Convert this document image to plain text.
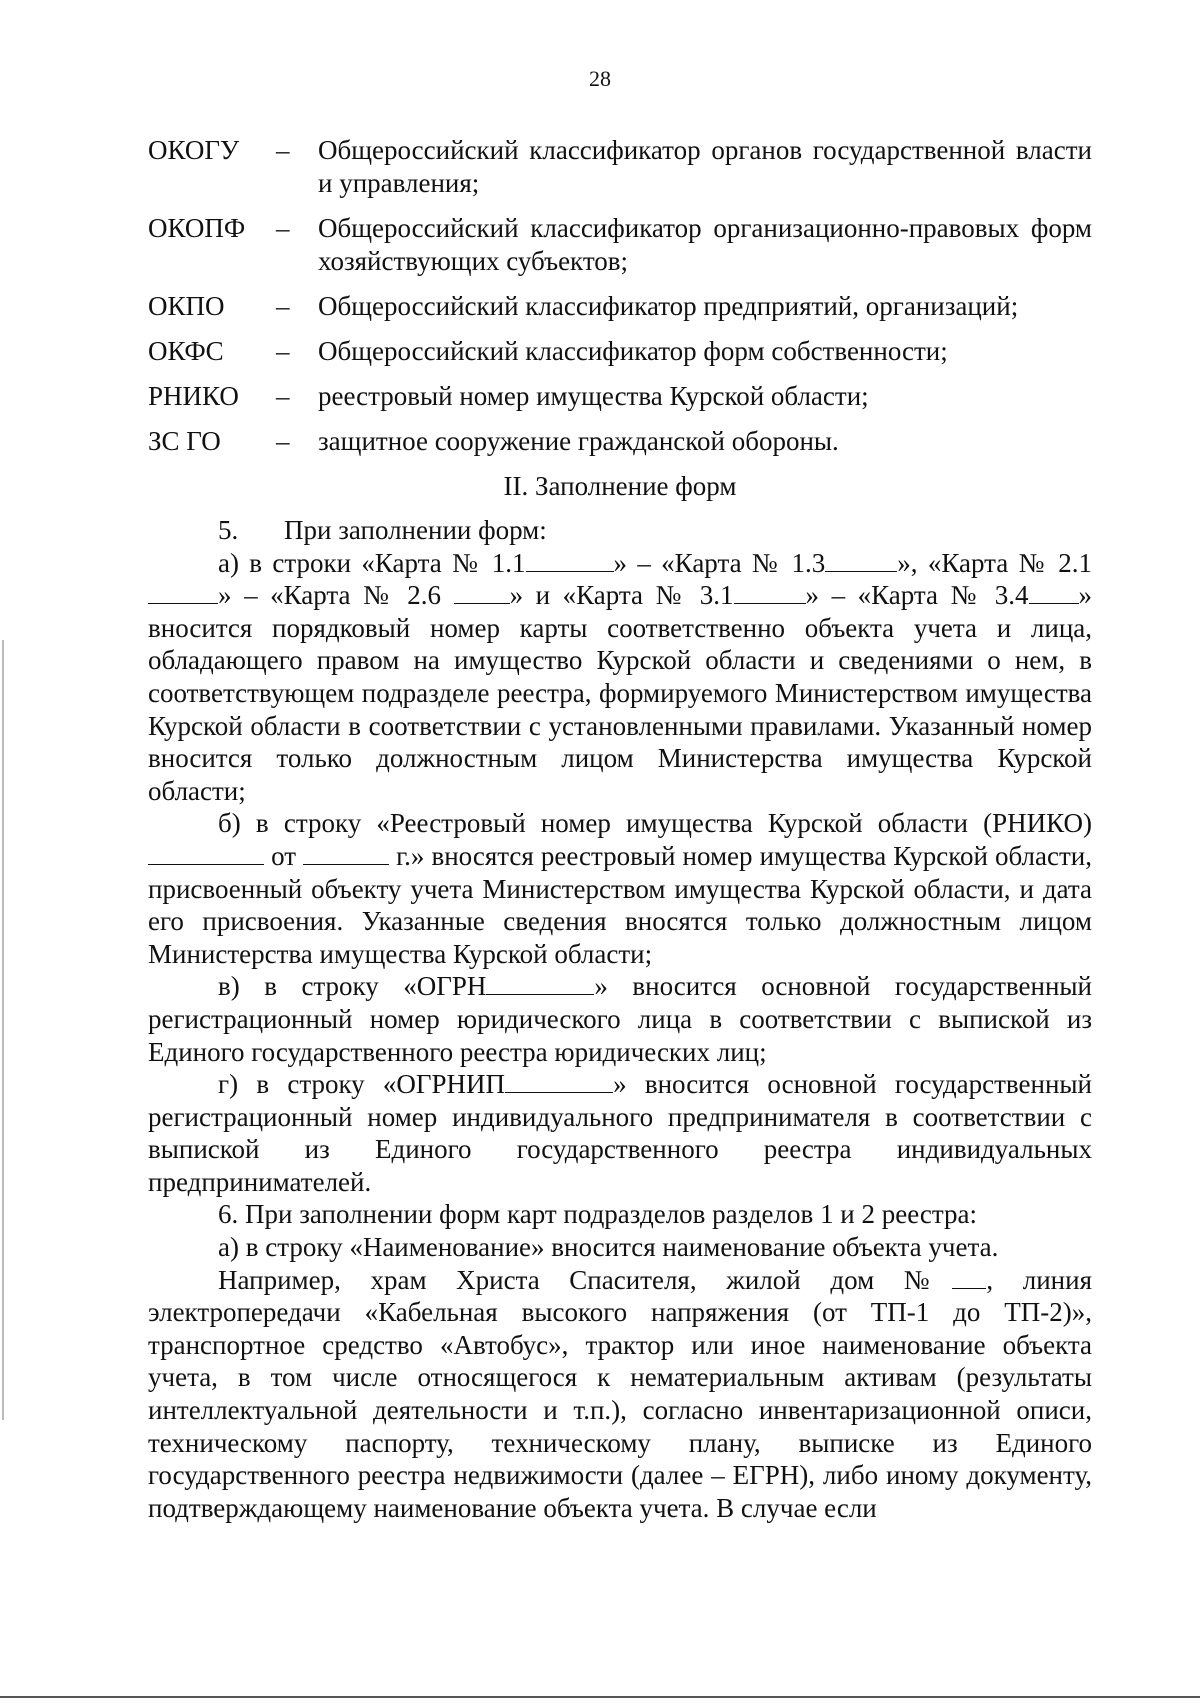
28
ОКОГУ	–	Общероссийский классификатор органов государственной власти и управления;
ОКОПФ	–	Общероссийский классификатор организационно-правовых форм хозяйствующих субъектов;
ОКПО	–	Общероссийский классификатор предприятий, организаций;
ОКФС	–	Общероссийский классификатор форм собственности;
РНИКО	–	реестровый номер имущества Курской области;
ЗС ГО	–	защитное сооружение гражданской обороны.
II. Заполнение форм

5. При заполнении форм:

а) в строки «Карта № 1.1	» – «Карта № 1.3	», «Карта № 2.1» – «Карта № 2.6 » и «Карта № 3.1	» – «Карта № 3.4 » вносится порядковый номер карты соответственно объекта учета и лица, обладающего правом на имущество Курской области и сведениями о нем, в соответствующем подразделе реестра, формируемого Министерством имущества Курской области в соответствии с установленными правилами. Указанный номер вносится только должностным лицом Министерства имущества Курской области;

б) в строку «Реестровый номер имущества Курской области (РНИКО)  от	г.» вносятся реестровый номер имущества Курской области, присвоенный объекту учета Министерством имущества Курской области, и дата его присвоения. Указанные сведения вносятся только должностным лицом Министерства имущества Курской области;

в) в строку «ОГРН	» вносится основной государственный регистрационный номер юридического лица в соответствии с выпиской из Единого государственного реестра юридических лиц;

г) в строку «ОГРНИП	» вносится основной государственный регистрационный номер индивидуального предпринимателя в соответствии с выпиской из Единого государственного реестра индивидуальных предпринимателей.

6. При заполнении форм карт подразделов разделов 1 и 2 реестра:

а) в строку «Наименование» вносится наименование объекта учета.

Например, храм Христа Спасителя, жилой дом № , линия электропередачи «Кабельная высокого напряжения (от ТП-1 до ТП-2)», транспортное средство «Автобус», трактор или иное наименование объекта учета, в том числе относящегося к нематериальным активам (результаты интеллектуальной деятельности и т.п.), согласно инвентаризационной описи, техническому паспорту, техническому плану, выписке из Единого государственного реестра недвижимости (далее – ЕГРН), либо иному документу, подтверждающему наименование объекта учета. В случае если
